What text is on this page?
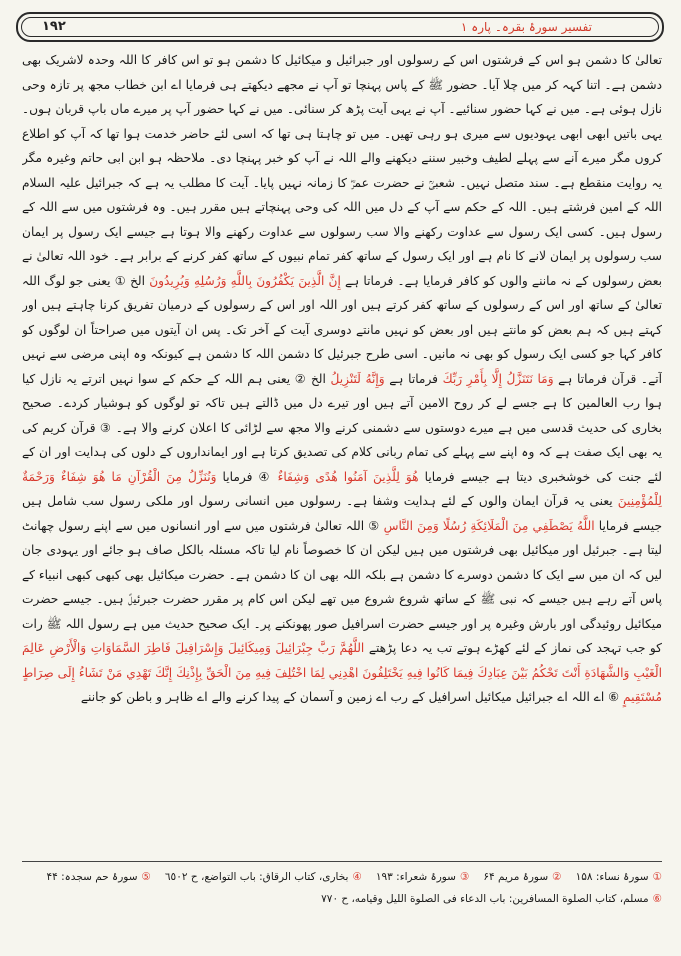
تفسیر سورۂ بقرہ۔ پارہ ۱
۱۹۲

تعالیٰ کا دشمن ہو اس کے فرشتوں اس کے رسولوں اور جبرائیل و میکائیل کا دشمن ہو تو اس کافر کا اللہ وحدہ لاشریک بھی دشمن ہے۔ اتنا کہہ کر میں چلا آیا۔ حضور ﷺ کے پاس پہنچا تو آپ نے مجھے دیکھتے ہی فرمایا اے ابن خطاب مجھ پر تازہ وحی نازل ہوئی ہے۔ میں نے کہا حضور سنائیے۔ آپ نے یہی آیت پڑھ کر سنائی۔ میں نے کہا حضور آپ پر میرے ماں باپ قربان ہوں۔ یہی باتیں ابھی ابھی یہودیوں سے میری ہو رہی تھیں۔ میں تو چاہتا ہی تھا کہ اسی لئے حاضر خدمت ہوا تھا کہ آپ کو اطلاع کروں مگر میرے آنے سے پہلے لطیف وخبیر سننے دیکھنے والے اللہ نے آپ کو خبر پہنچا دی۔ ملاحظہ ہو ابن ابی حاتم وغیرہ مگر یہ روایت منقطع ہے۔ سند متصل نہیں۔ شعبیؒ نے حضرت عمرؓ کا زمانہ نہیں پایا۔ آیت کا مطلب یہ ہے کہ جبرائیل علیہ السلام اللہ کے امین فرشتے ہیں۔ اللہ کے حکم سے آپ کے دل میں اللہ کی وحی پہنچاتے ہیں مقرر ہیں۔ وہ فرشتوں میں سے اللہ کے رسول ہیں۔ کسی ایک رسول سے عداوت رکھنے والا سب رسولوں سے عداوت رکھنے والا ہوتا ہے جیسے ایک رسول پر ایمان سب رسولوں پر ایمان لانے کا نام ہے اور ایک رسول کے ساتھ کفر تمام نبیوں کے ساتھ کفر کرنے کے برابر ہے۔ خود اللہ تعالیٰ نے بعض رسولوں کے نہ ماننے والوں کو کافر فرمایا ہے۔ فرماتا ہے إِنَّ الَّذِينَ يَكْفُرُونَ بِاللَّهِ وَرُسُلِهِ وَيُرِيدُونَ الخ ① یعنی جو لوگ اللہ تعالیٰ کے ساتھ اور اس کے رسولوں کے ساتھ کفر کرتے ہیں اور اللہ اور اس کے رسولوں کے درمیان تفریق کرنا چاہتے ہیں اور کہتے ہیں کہ ہم بعض کو مانتے ہیں اور بعض کو نہیں مانتے دوسری آیت کے آخر تک۔ پس ان آیتوں میں صراحتاً ان لوگوں کو کافر کہا جو کسی ایک رسول کو بھی نہ مانیں۔ اسی طرح جبرئیل کا دشمن اللہ کا دشمن ہے کیونکہ وہ اپنی مرضی سے نہیں آتے۔ قرآن فرماتا ہے وَمَا نَتَنَزَّلُ إِلَّا بِأَمْرِ رَبِّكَ فرماتا ہے وَإِنَّهُ لَتَنْزِيلُ الخ ② یعنی ہم اللہ کے حکم کے سوا نہیں اترتے یہ نازل کیا ہوا رب العالمین کا ہے جسے لے کر روح الامین آتے ہیں اور تیرے دل میں ڈالتے ہیں تاکہ تو لوگوں کو ہوشیار کردے۔ صحیح بخاری کی حدیث قدسی میں ہے میرے دوستوں سے دشمنی کرنے والا مجھ سے لڑائی کا اعلان کرنے والا ہے۔ ③ قرآن کریم کی یہ بھی ایک صفت ہے کہ وہ اپنے سے پہلے کی تمام ربانی کلام کی تصدیق کرتا ہے اور ایمانداروں کے دلوں کی ہدایت اور ان کے لئے جنت کی خوشخبری دیتا ہے جیسے فرمایا هُوَ لِلَّذِينَ آمَنُوا هُدًى وَشِفَاءٌ ④ فرمایا وَنُنَزِّلُ مِنَ الْقُرْآنِ مَا هُوَ شِفَاءٌ وَرَحْمَةٌ لِلْمُؤْمِنِينَ یعنی یہ قرآن ایمان والوں کے لئے ہدایت وشفا ہے۔ رسولوں میں انسانی رسول اور ملکی رسول سب شامل ہیں جیسے فرمایا اللَّهُ يَصْطَفِي مِنَ الْمَلَائِكَةِ رُسُلًا وَمِنَ النَّاسِ ⑤ اللہ تعالیٰ فرشتوں میں سے اور انسانوں میں سے اپنے رسول چھانٹ لیتا ہے۔ جبرئیل اور میکائیل بھی فرشتوں میں ہیں لیکن ان کا خصوصاً نام لیا تاکہ مسئلہ بالکل صاف ہو جائے اور یہودی جان لیں کہ ان میں سے ایک کا دشمن دوسرے کا دشمن ہے بلکہ اللہ بھی ان کا دشمن ہے۔ حضرت میکائیل بھی کبھی کبھی انبیاء کے پاس آتے رہے ہیں جیسے کہ نبی ﷺ کے ساتھ شروع شروع میں تھے لیکن اس کام پر مقرر حضرت جبرئیلؑ ہیں۔ جیسے حضرت میکائیل روئیدگی اور بارش وغیرہ پر اور جیسے حضرت اسرافیل صور پھونکنے پر۔ ایک صحیح حدیث میں ہے رسول اللہ ﷺ رات کو جب تہجد کی نماز کے لئے کھڑے ہوتے تب یہ دعا پڑھتے اللَّهُمَّ رَبَّ جِبْرَائِيلَ وَمِيكَائِيلَ وَإِسْرَافِيلَ فَاطِرَ السَّمَاوَاتِ وَالْأَرْضِ عَالِمَ الْغَيْبِ وَالشَّهَادَةِ أَنْتَ تَحْكُمُ بَيْنَ عِبَادِكَ فِيمَا كَانُوا فِيهِ يَخْتَلِفُونَ اهْدِنِي لِمَا اخْتُلِفَ فِيهِ مِنَ الْحَقِّ بِإِذْنِكَ إِنَّكَ تَهْدِي مَنْ تَشَاءُ إِلَى صِرَاطٍ مُسْتَقِيمٍ ⑥ اے اللہ اے جبرائیل میکائیل اسرافیل کے رب اے زمین و آسمان کے پیدا کرنے والے اے ظاہر و باطن کو جاننے

①
سورۂ نساء: ۱۵۸
②
سورۂ مریم ۶۴
③
سورۂ شعراء: ۱۹۳
④
بخاری، کتاب الرقاق: باب التواضع، ح ٦٥٠٢
⑤
سورۂ حم سجدہ: ۴۴
⑥
مسلم، کتاب الصلوة المسافرین: باب الدعاء فی الصلوة اللیل وقیامه، ح ٧٧٠
